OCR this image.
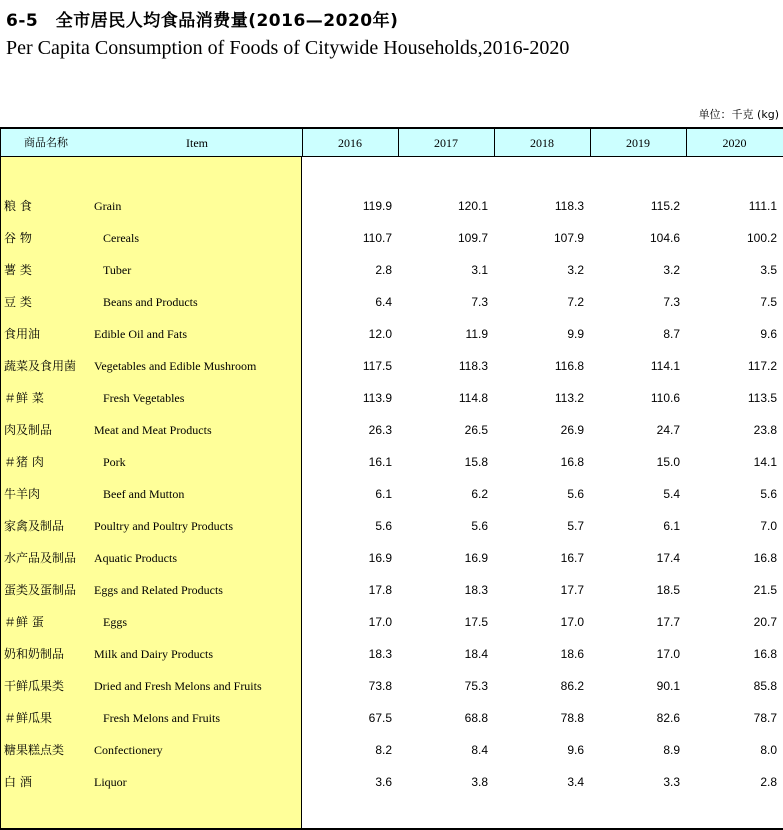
6-5　全市居民人均食品消费量(2016—2020年)
Per Capita Consumption of Foods of Citywide Households,2016-2020
单位：千克 (kg)
商品名称	Item	2016	2017	2018	2019	2020
粮 食	Grain	119.9	120.1	118.3	115.2	111.1
谷 物	Cereals	110.7	109.7	107.9	104.6	100.2
薯 类	Tuber	2.8	3.1	3.2	3.2	3.5
豆 类	Beans and Products	6.4	7.3	7.2	7.3	7.5
食用油	Edible Oil and Fats	12.0	11.9	9.9	8.7	9.6
蔬菜及食用菌 Vegetables and Edible Mushroom	117.5	118.3	116.8	114.1	117.2
＃鲜 菜	Fresh Vegetables	113.9	114.8	113.2	110.6	113.5
肉及制品	Meat and Meat Products	26.3	26.5	26.9	24.7	23.8
＃猪 肉	Pork	16.1	15.8	16.8	15.0	14.1
牛羊肉	Beef and Mutton	6.1	6.2	5.6	5.4	5.6
家禽及制品 Poultry and Poultry Products	5.6	5.6	5.7	6.1	7.0
水产品及制品 Aquatic Products	16.9	16.9	16.7	17.4	16.8
蛋类及蛋制品 Eggs and Related Products	17.8	18.3	17.7	18.5	21.5
＃鲜 蛋	Eggs	17.0	17.5	17.0	17.7	20.7
奶和奶制品 Milk and Dairy Products	18.3	18.4	18.6	17.0	16.8
干鲜瓜果类 Dried and Fresh Melons and Fruits	73.8	75.3	86.2	90.1	85.8
＃鲜瓜果	Fresh Melons and Fruits	67.5	68.8	78.8	82.6	78.7
糖果糕点类 Confectionery	8.2	8.4	9.6	8.9	8.0
白 酒	Liquor	3.6	3.8	3.4	3.3	2.8
